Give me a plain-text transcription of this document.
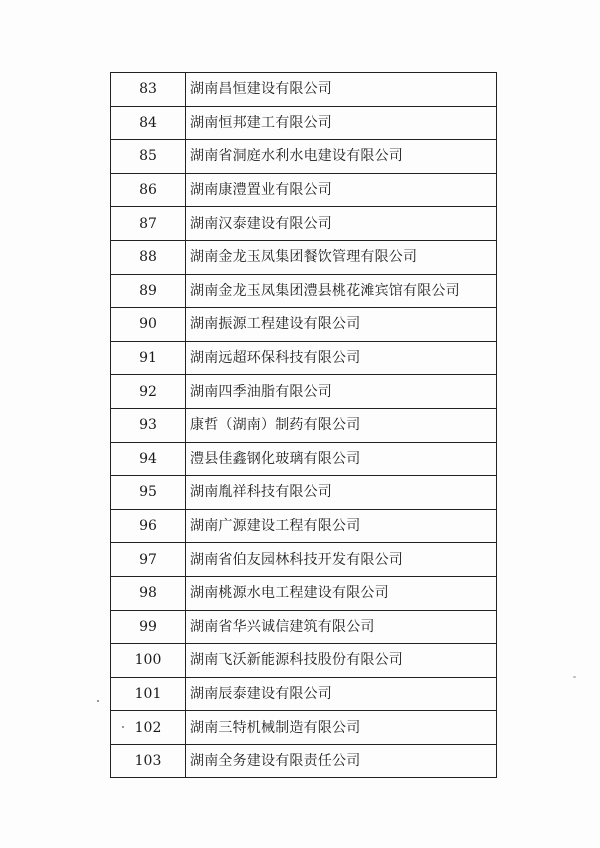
83	湖南昌恒建设有限公司
84	湖南恒邦建工有限公司
85	湖南省洞庭水利水电建设有限公司
86	湖南康澧置业有限公司
87	湖南汉泰建设有限公司
88	湖南金龙玉凤集团餐饮管理有限公司
89	湖南金龙玉凤集团澧县桃花滩宾馆有限公司
90	湖南振源工程建设有限公司
91	湖南远超环保科技有限公司
92	湖南四季油脂有限公司
93	康哲（湖南）制药有限公司
94	澧县佳鑫钢化玻璃有限公司
95	湖南胤祥科技有限公司
96	湖南广源建设工程有限公司
97	湖南省伯友园林科技开发有限公司
98	湖南桃源水电工程建设有限公司
99	湖南省华兴诚信建筑有限公司
100	湖南飞沃新能源科技股份有限公司
101	湖南辰泰建设有限公司
102	湖南三特机械制造有限公司
103	湖南全务建设有限责任公司
